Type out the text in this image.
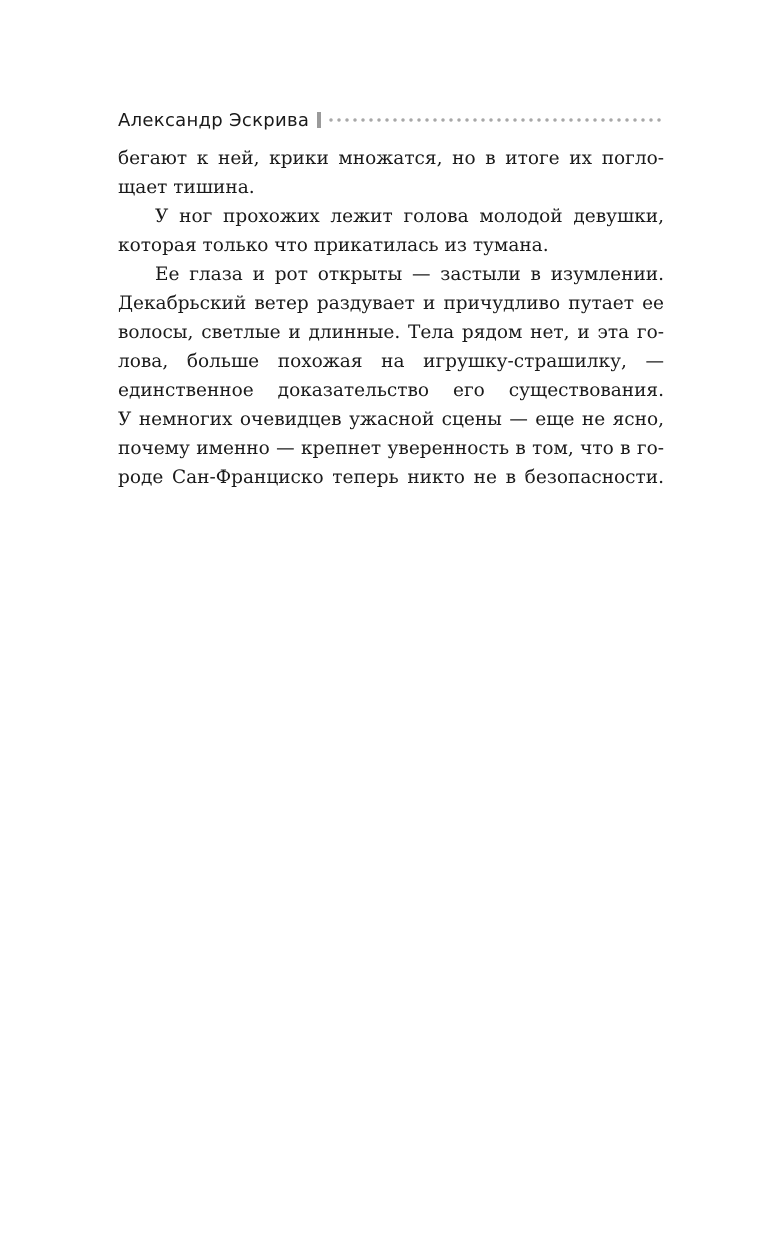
Александр Эскрива
бегают к ней, крики множатся, но в итоге их погло-
щает тишина.
У ног прохожих лежит голова молодой девушки,
которая только что прикатилась из тумана.
Ее глаза и рот открыты — застыли в изумлении.
Декабрьский ветер раздувает и причудливо путает ее
волосы, светлые и длинные. Тела рядом нет, и эта го-
лова, больше похожая на игрушку-страшилку, —
единственное доказательство его существования.
У немногих очевидцев ужасной сцены — еще не ясно,
почему именно — крепнет уверенность в том, что в го-
роде Сан-Франциско теперь никто не в безопасности.
